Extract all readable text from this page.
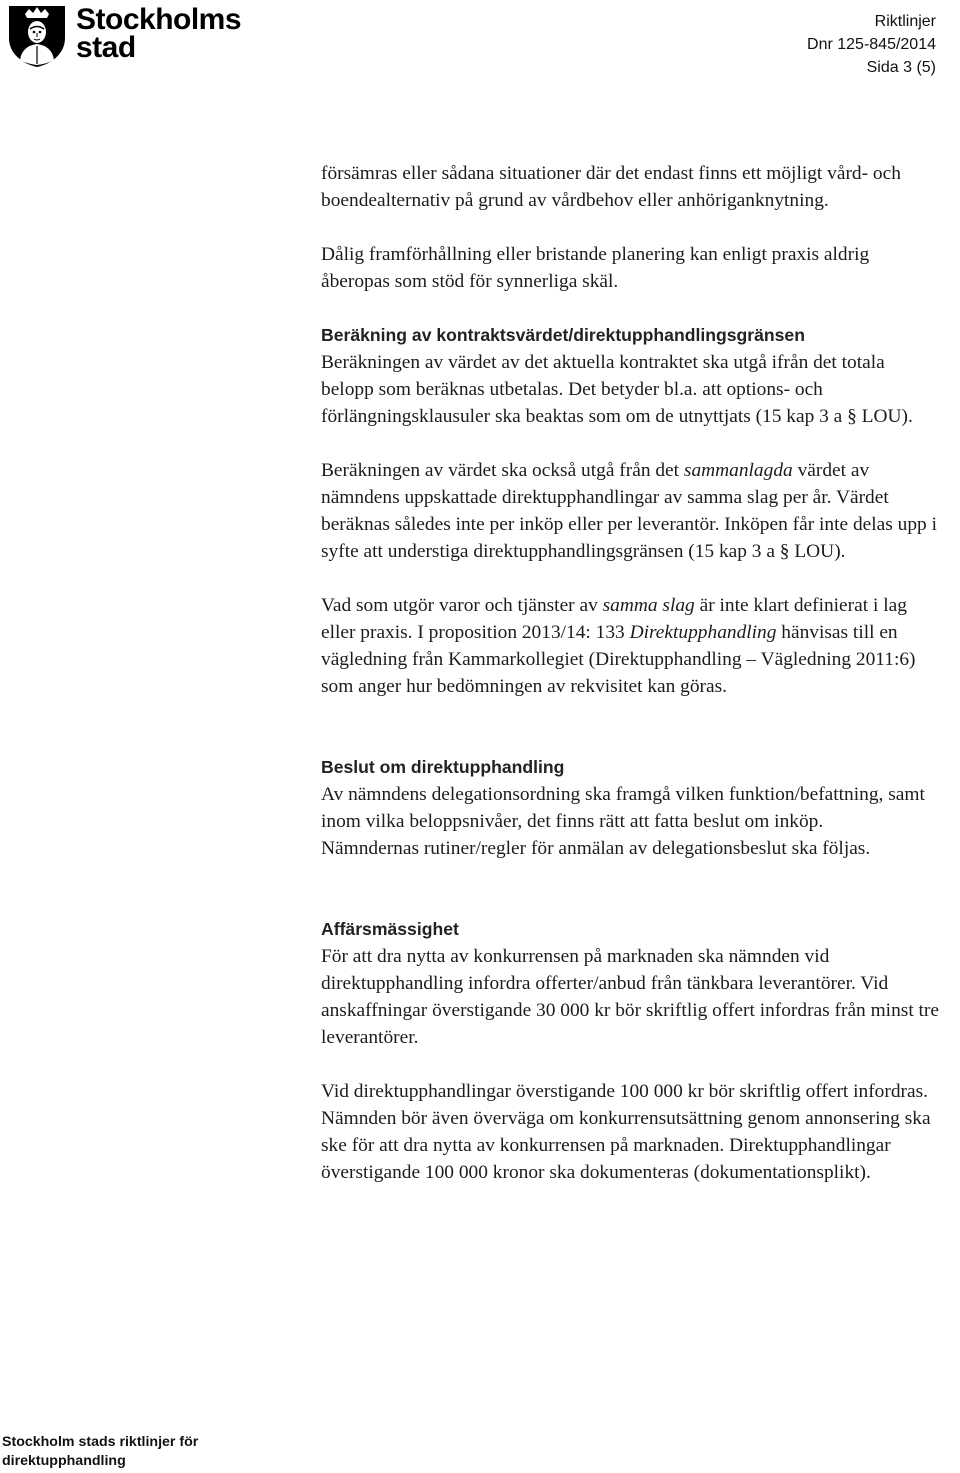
Stockholms
stad
Riktlinjer
Dnr 125-845/2014
Sida 3 (5)

försämras eller sådana situationer där det endast finns ett möjligt vård- och boendealternativ på grund av vårdbehov eller anhöriganknytning.

Dålig framförhållning eller bristande planering kan enligt praxis aldrig åberopas som stöd för synnerliga skäl.

Beräkning av kontraktsvärdet/direktupphandlingsgränsen

Beräkningen av värdet av det aktuella kontraktet ska utgå ifrån det totala belopp som beräknas utbetalas. Det betyder bl.a. att options- och förlängningsklausuler ska beaktas som om de utnyttjats (15 kap 3 a § LOU).

Beräkningen av värdet ska också utgå från det sammanlagda värdet av nämndens uppskattade direktupphandlingar av samma slag per år. Värdet beräknas således inte per inköp eller per leverantör. Inköpen får inte delas upp i syfte att understiga direktupphandlingsgränsen (15 kap 3 a § LOU).

Vad som utgör varor och tjänster av samma slag är inte klart definierat i lag eller praxis. I proposition 2013/14: 133 Direktupphandling hänvisas till en vägledning från Kammarkollegiet (Direktupphandling – Vägledning 2011:6) som anger hur bedömningen av rekvisitet kan göras.

Beslut om direktupphandling

Av nämndens delegationsordning ska framgå vilken funktion/befattning, samt inom vilka beloppsnivåer, det finns rätt att fatta beslut om inköp.

Nämndernas rutiner/regler för anmälan av delegationsbeslut ska följas.

Affärsmässighet

För att dra nytta av konkurrensen på marknaden ska nämnden vid direktupphandling infordra offerter/anbud från tänkbara leverantörer. Vid anskaffningar överstigande 30 000 kr bör skriftlig offert infordras från minst tre leverantörer.

Vid direktupphandlingar överstigande 100 000 kr bör skriftlig offert infordras. Nämnden bör även överväga om konkurrensutsättning genom annonsering ska ske för att dra nytta av konkurrensen på marknaden. Direktupphandlingar överstigande 100 000 kronor ska dokumenteras (dokumentationsplikt).

Stockholm stads riktlinjer för
direktupphandling
